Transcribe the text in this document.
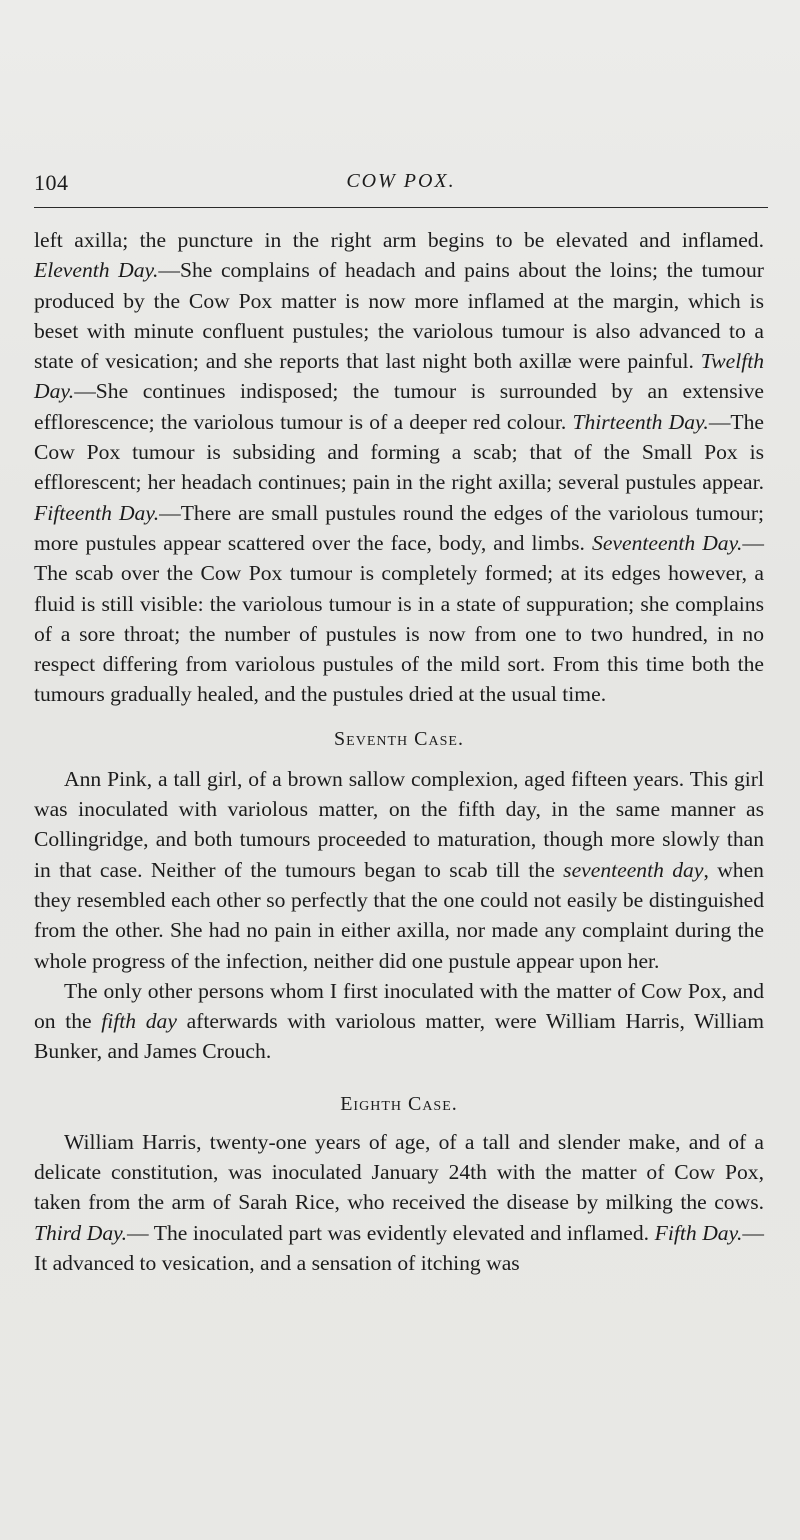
104	COW POX.

left axilla; the puncture in the right arm begins to be elevated and inflamed. Eleventh Day.—She complains of headach and pains about the loins; the tumour produced by the Cow Pox matter is now more inflamed at the margin, which is beset with minute confluent pustules; the variolous tumour is also advanced to a state of vesication; and she reports that last night both axillæ were painful. Twelfth Day.—She continues indisposed; the tumour is surrounded by an extensive efflorescence; the variolous tumour is of a deeper red colour. Thirteenth Day.—The Cow Pox tumour is subsiding and forming a scab; that of the Small Pox is efflorescent; her headach continues; pain in the right axilla; several pustules appear. Fifteenth Day.—There are small pustules round the edges of the variolous tumour; more pustules appear scattered over the face, body, and limbs. Seventeenth Day.—The scab over the Cow Pox tumour is completely formed; at its edges however, a fluid is still visible: the variolous tumour is in a state of suppuration; she complains of a sore throat; the number of pustules is now from one to two hundred, in no respect differing from variolous pustules of the mild sort. From this time both the tumours gradually healed, and the pustules dried at the usual time.

Seventh Case.

Ann Pink, a tall girl, of a brown sallow complexion, aged fifteen years. This girl was inoculated with variolous matter, on the fifth day, in the same manner as Collingridge, and both tumours proceeded to maturation, though more slowly than in that case. Neither of the tumours began to scab till the seventeenth day, when they resembled each other so perfectly that the one could not easily be distinguished from the other. She had no pain in either axilla, nor made any complaint during the whole progress of the infection, neither did one pustule appear upon her.

The only other persons whom I first inoculated with the matter of Cow Pox, and on the fifth day afterwards with variolous matter, were William Harris, William Bunker, and James Crouch.

Eighth Case.

William Harris, twenty-one years of age, of a tall and slender make, and of a delicate constitution, was inoculated January 24th with the matter of Cow Pox, taken from the arm of Sarah Rice, who received the disease by milking the cows. Third Day.— The inoculated part was evidently elevated and inflamed. Fifth Day.—It advanced to vesication, and a sensation of itching was
